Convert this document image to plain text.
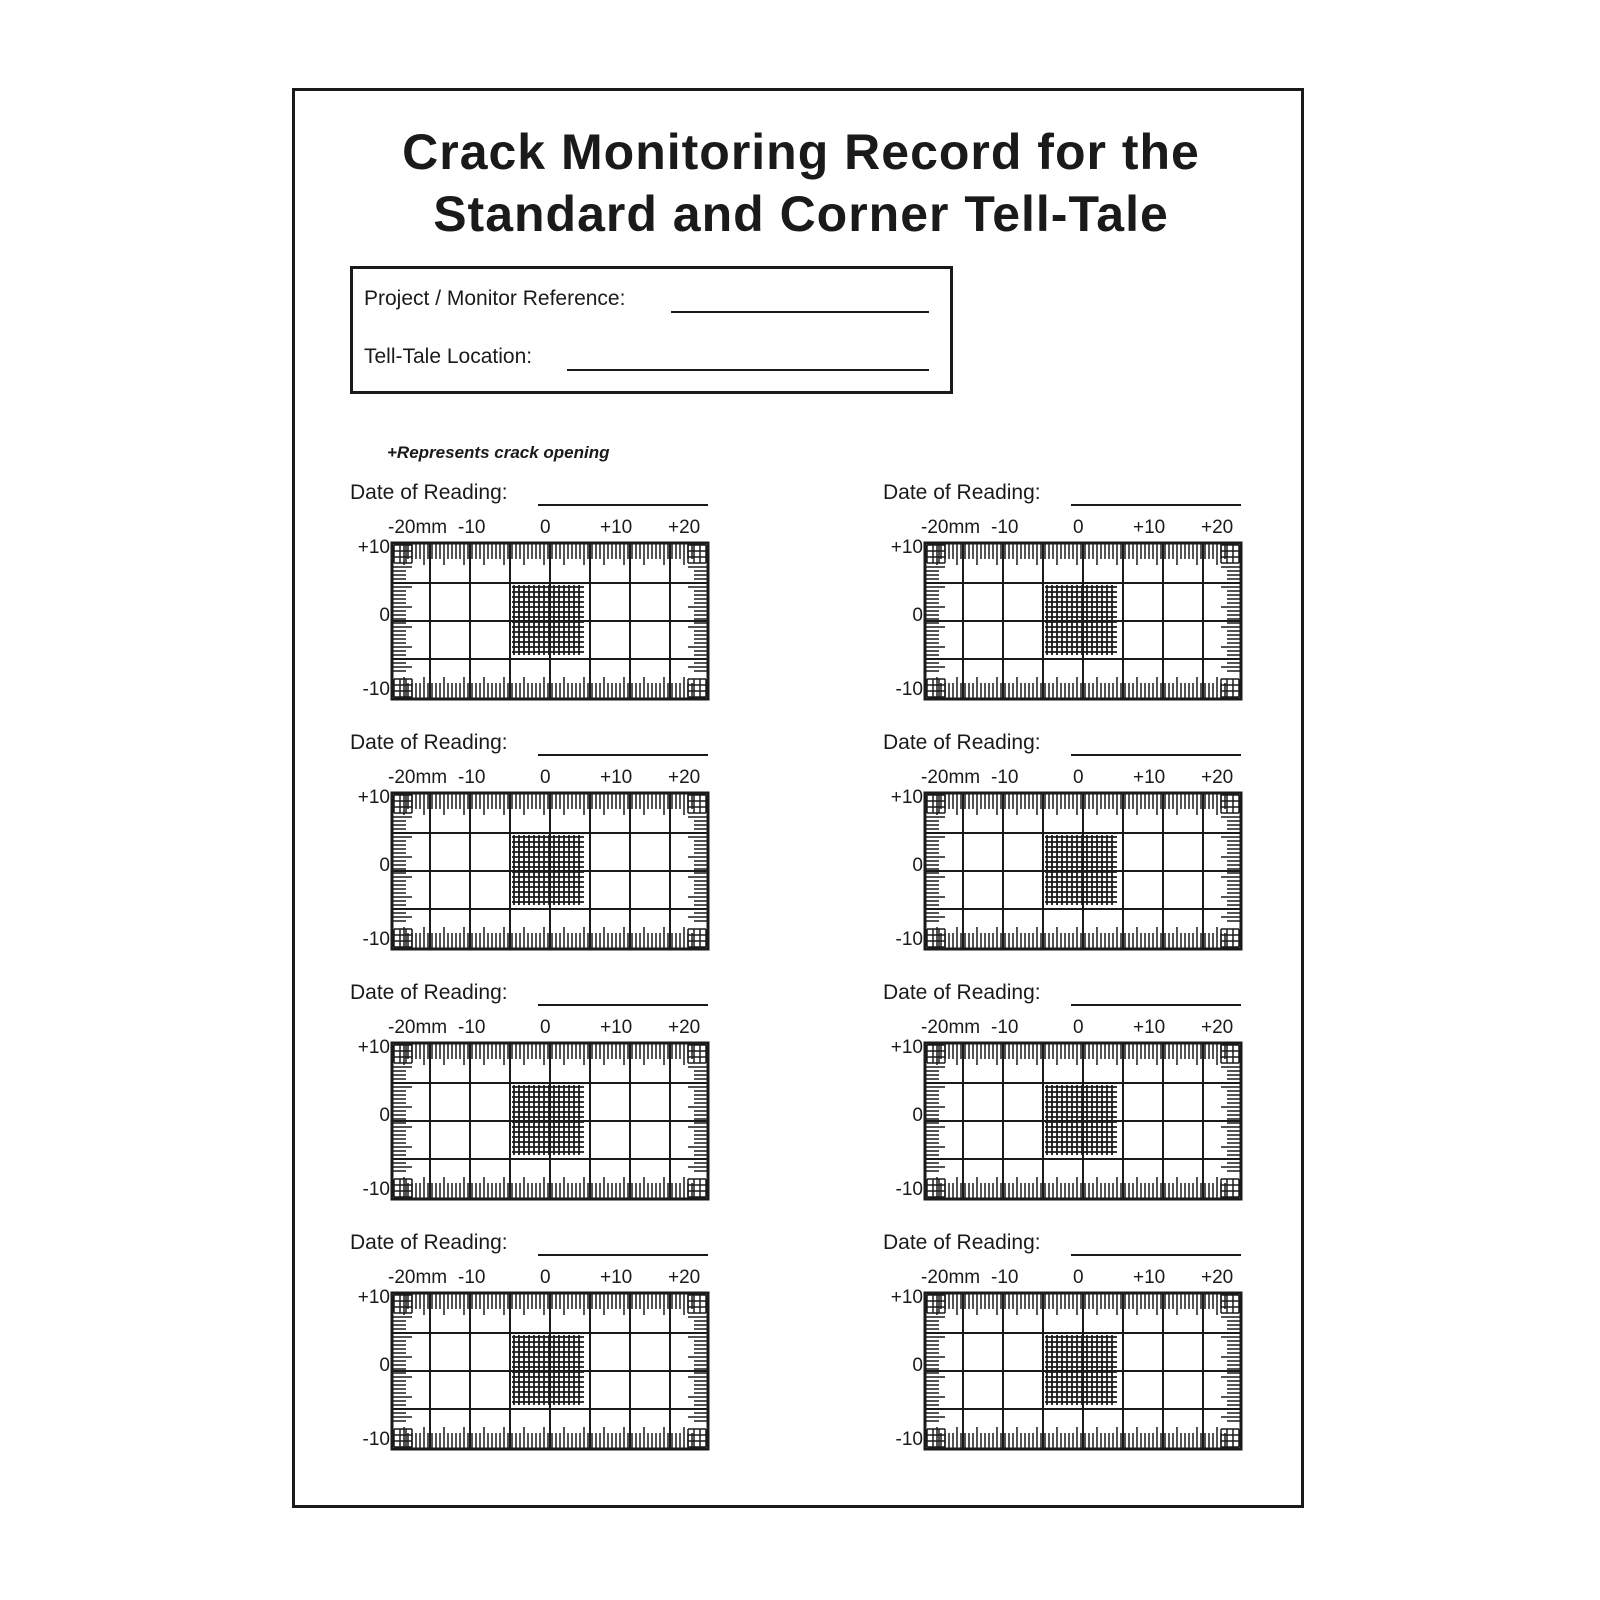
Crack Monitoring Record for the
Standard and Corner Tell-Tale
Project / Monitor Reference:
Tell-Tale Location:
+Represents crack opening
Date of Reading:
-20mm -10	0	+10 +20
+10
0
-10
Date of Reading:
-20mm -10	0	+10 +20
+10
0
-10
Date of Reading:
-20mm -10	0	+10 +20
+10
0
-10
Date of Reading:
-20mm -10	0	+10 +20
+10
0
-10
Date of Reading:
-20mm -10	0	+10 +20
+10
0
-10
Date of Reading:
-20mm -10	0	+10 +20
+10
0
-10
Date of Reading:
-20mm -10	0	+10 +20
+10
0
-10
Date of Reading:
-20mm -10	0	+10 +20
+10
0
-10
